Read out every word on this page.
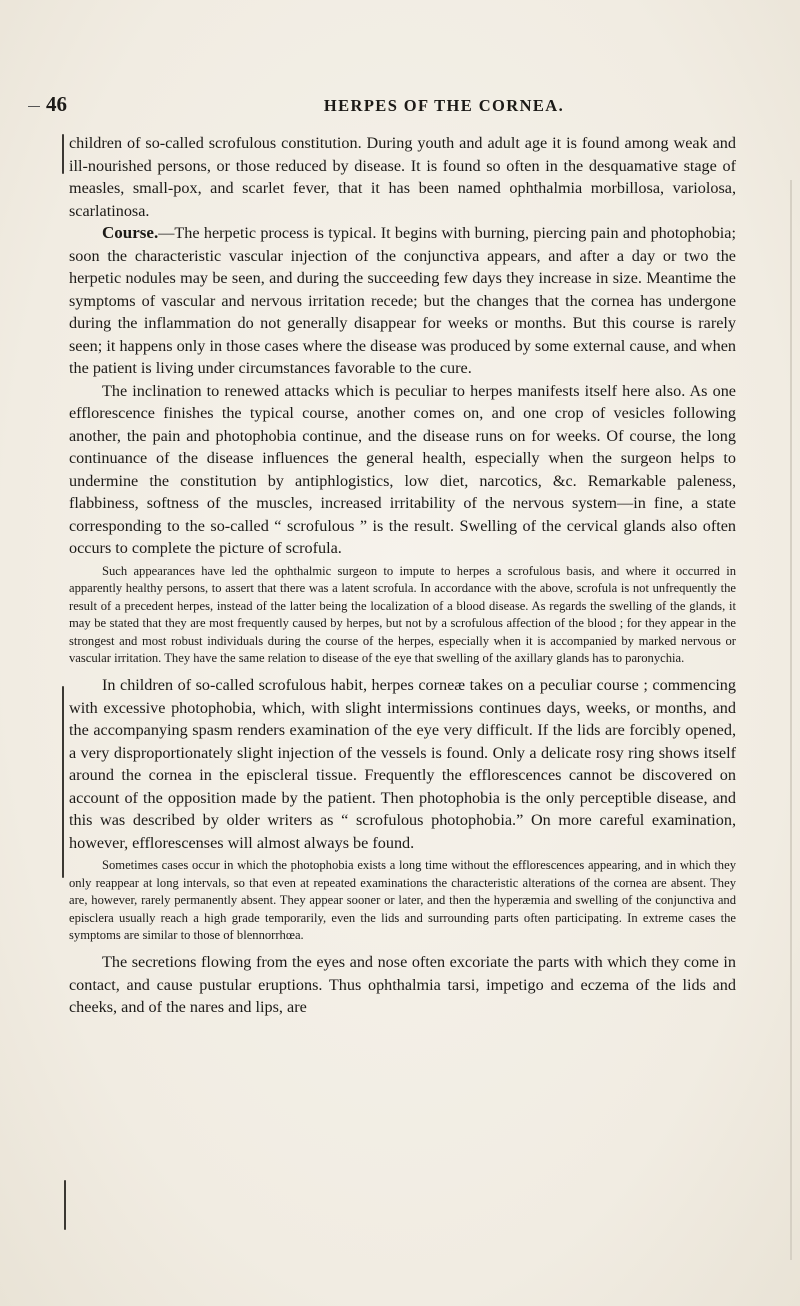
46	HERPES OF THE CORNEA.

children of so-called scrofulous constitution. During youth and adult age it is found among weak and ill-nourished persons, or those reduced by disease. It is found so often in the desquamative stage of measles, small-pox, and scarlet fever, that it has been named ophthalmia morbillosa, variolosa, scarlatinosa.

Course.—The herpetic process is typical. It begins with burning, piercing pain and photophobia; soon the characteristic vascular injection of the conjunctiva appears, and after a day or two the herpetic nodules may be seen, and during the succeeding few days they increase in size. Meantime the symptoms of vascular and nervous irritation recede; but the changes that the cornea has undergone during the inflammation do not generally disappear for weeks or months. But this course is rarely seen; it happens only in those cases where the disease was produced by some external cause, and when the patient is living under circumstances favorable to the cure.

The inclination to renewed attacks which is peculiar to herpes manifests itself here also. As one efflorescence finishes the typical course, another comes on, and one crop of vesicles following another, the pain and photophobia continue, and the disease runs on for weeks. Of course, the long continuance of the disease influences the general health, especially when the surgeon helps to undermine the constitution by antiphlogistics, low diet, narcotics, &c. Remarkable paleness, flabbiness, softness of the muscles, increased irritability of the nervous system—in fine, a state corresponding to the so-called “ scrofulous ” is the result. Swelling of the cervical glands also often occurs to complete the picture of scrofula.

Such appearances have led the ophthalmic surgeon to impute to herpes a scrofulous basis, and where it occurred in apparently healthy persons, to assert that there was a latent scrofula. In accordance with the above, scrofula is not unfrequently the result of a precedent herpes, instead of the latter being the localization of a blood disease. As regards the swelling of the glands, it may be stated that they are most frequently caused by herpes, but not by a scrofulous affection of the blood ; for they appear in the strongest and most robust individuals during the course of the herpes, especially when it is accompanied by marked nervous or vascular irritation. They have the same relation to disease of the eye that swelling of the axillary glands has to paronychia.

In children of so-called scrofulous habit, herpes corneæ takes on a peculiar course ; commencing with excessive photophobia, which, with slight intermissions continues days, weeks, or months, and the accompanying spasm renders examination of the eye very difficult. If the lids are forcibly opened, a very disproportionately slight injection of the vessels is found. Only a delicate rosy ring shows itself around the cornea in the episcleral tissue. Frequently the efflorescences cannot be discovered on account of the opposition made by the patient. Then photophobia is the only perceptible disease, and this was described by older writers as “ scrofulous photophobia.” On more careful examination, however, efflorescenses will almost always be found.

Sometimes cases occur in which the photophobia exists a long time without the efflorescences appearing, and in which they only reappear at long intervals, so that even at repeated examinations the characteristic alterations of the cornea are absent. They are, however, rarely permanently absent. They appear sooner or later, and then the hyperæmia and swelling of the conjunctiva and episclera usually reach a high grade temporarily, even the lids and surrounding parts often participating. In extreme cases the symptoms are similar to those of blennorrhœa.

The secretions flowing from the eyes and nose often excoriate the parts with which they come in contact, and cause pustular eruptions. Thus ophthalmia tarsi, impetigo and eczema of the lids and cheeks, and of the nares and lips, are
